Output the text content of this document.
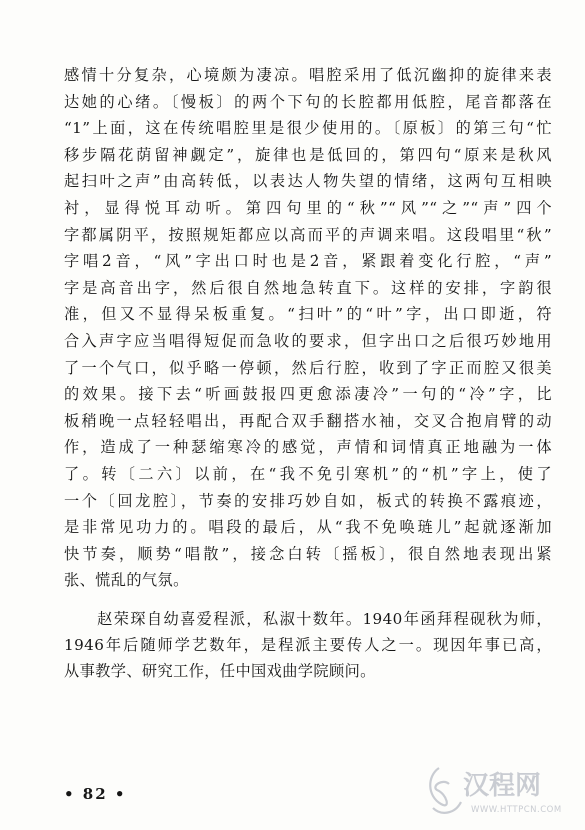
感情十分复杂，心境颇为凄凉。唱腔采用了低沉幽抑的旋律来表

达她的心绪。〔慢板〕的两个下句的长腔都用低腔，尾音都落在

“1”上面，这在传统唱腔里是很少使用的。〔原板〕的第三句“忙

移步隔花荫留神觑定”，旋律也是低回的，第四句“原来是秋风

起扫叶之声”由高转低，以表达人物失望的情绪，这两句互相映

衬，显得悦耳动听。第四句里的“秋”“风”“之”“声”四个

字都属阴平，按照规矩都应以高而平的声调来唱。这段唱里“秋”

字唱2̇音，“风”字出口时也是2̇音，紧跟着变化行腔，“声”

字是高音出字，然后很自然地急转直下。这样的安排，字韵很

准，但又不显得呆板重复。“扫叶”的“叶”字，出口即逝，符

合入声字应当唱得短促而急收的要求，但字出口之后很巧妙地用

了一个气口，似乎略一停顿，然后行腔，收到了字正而腔又很美

的效果。接下去“听画鼓报四更愈添凄冷”一句的“冷”字，比

板稍晚一点轻轻唱出，再配合双手翻搭水袖，交叉合抱肩臂的动

作，造成了一种瑟缩寒冷的感觉，声情和词情真正地融为一体

了。转〔二六〕以前，在“我不免引寒机”的“机”字上，使了

一个〔回龙腔〕，节奏的安排巧妙自如，板式的转换不露痕迹，

是非常见功力的。唱段的最后，从“我不免唤琏儿”起就逐渐加

快节奏，顺势“唱散”，接念白转〔摇板〕，很自然地表现出紧

张、慌乱的气氛。

　　赵荣琛自幼喜爱程派，私淑十数年。1940年函拜程砚秋为师，

1946年后随师学艺数年，是程派主要传人之一。现因年事已高，

从事教学、研究工作，任中国戏曲学院顾问。

• 82 •	汉程网
WWW.HTTPCN.COM
